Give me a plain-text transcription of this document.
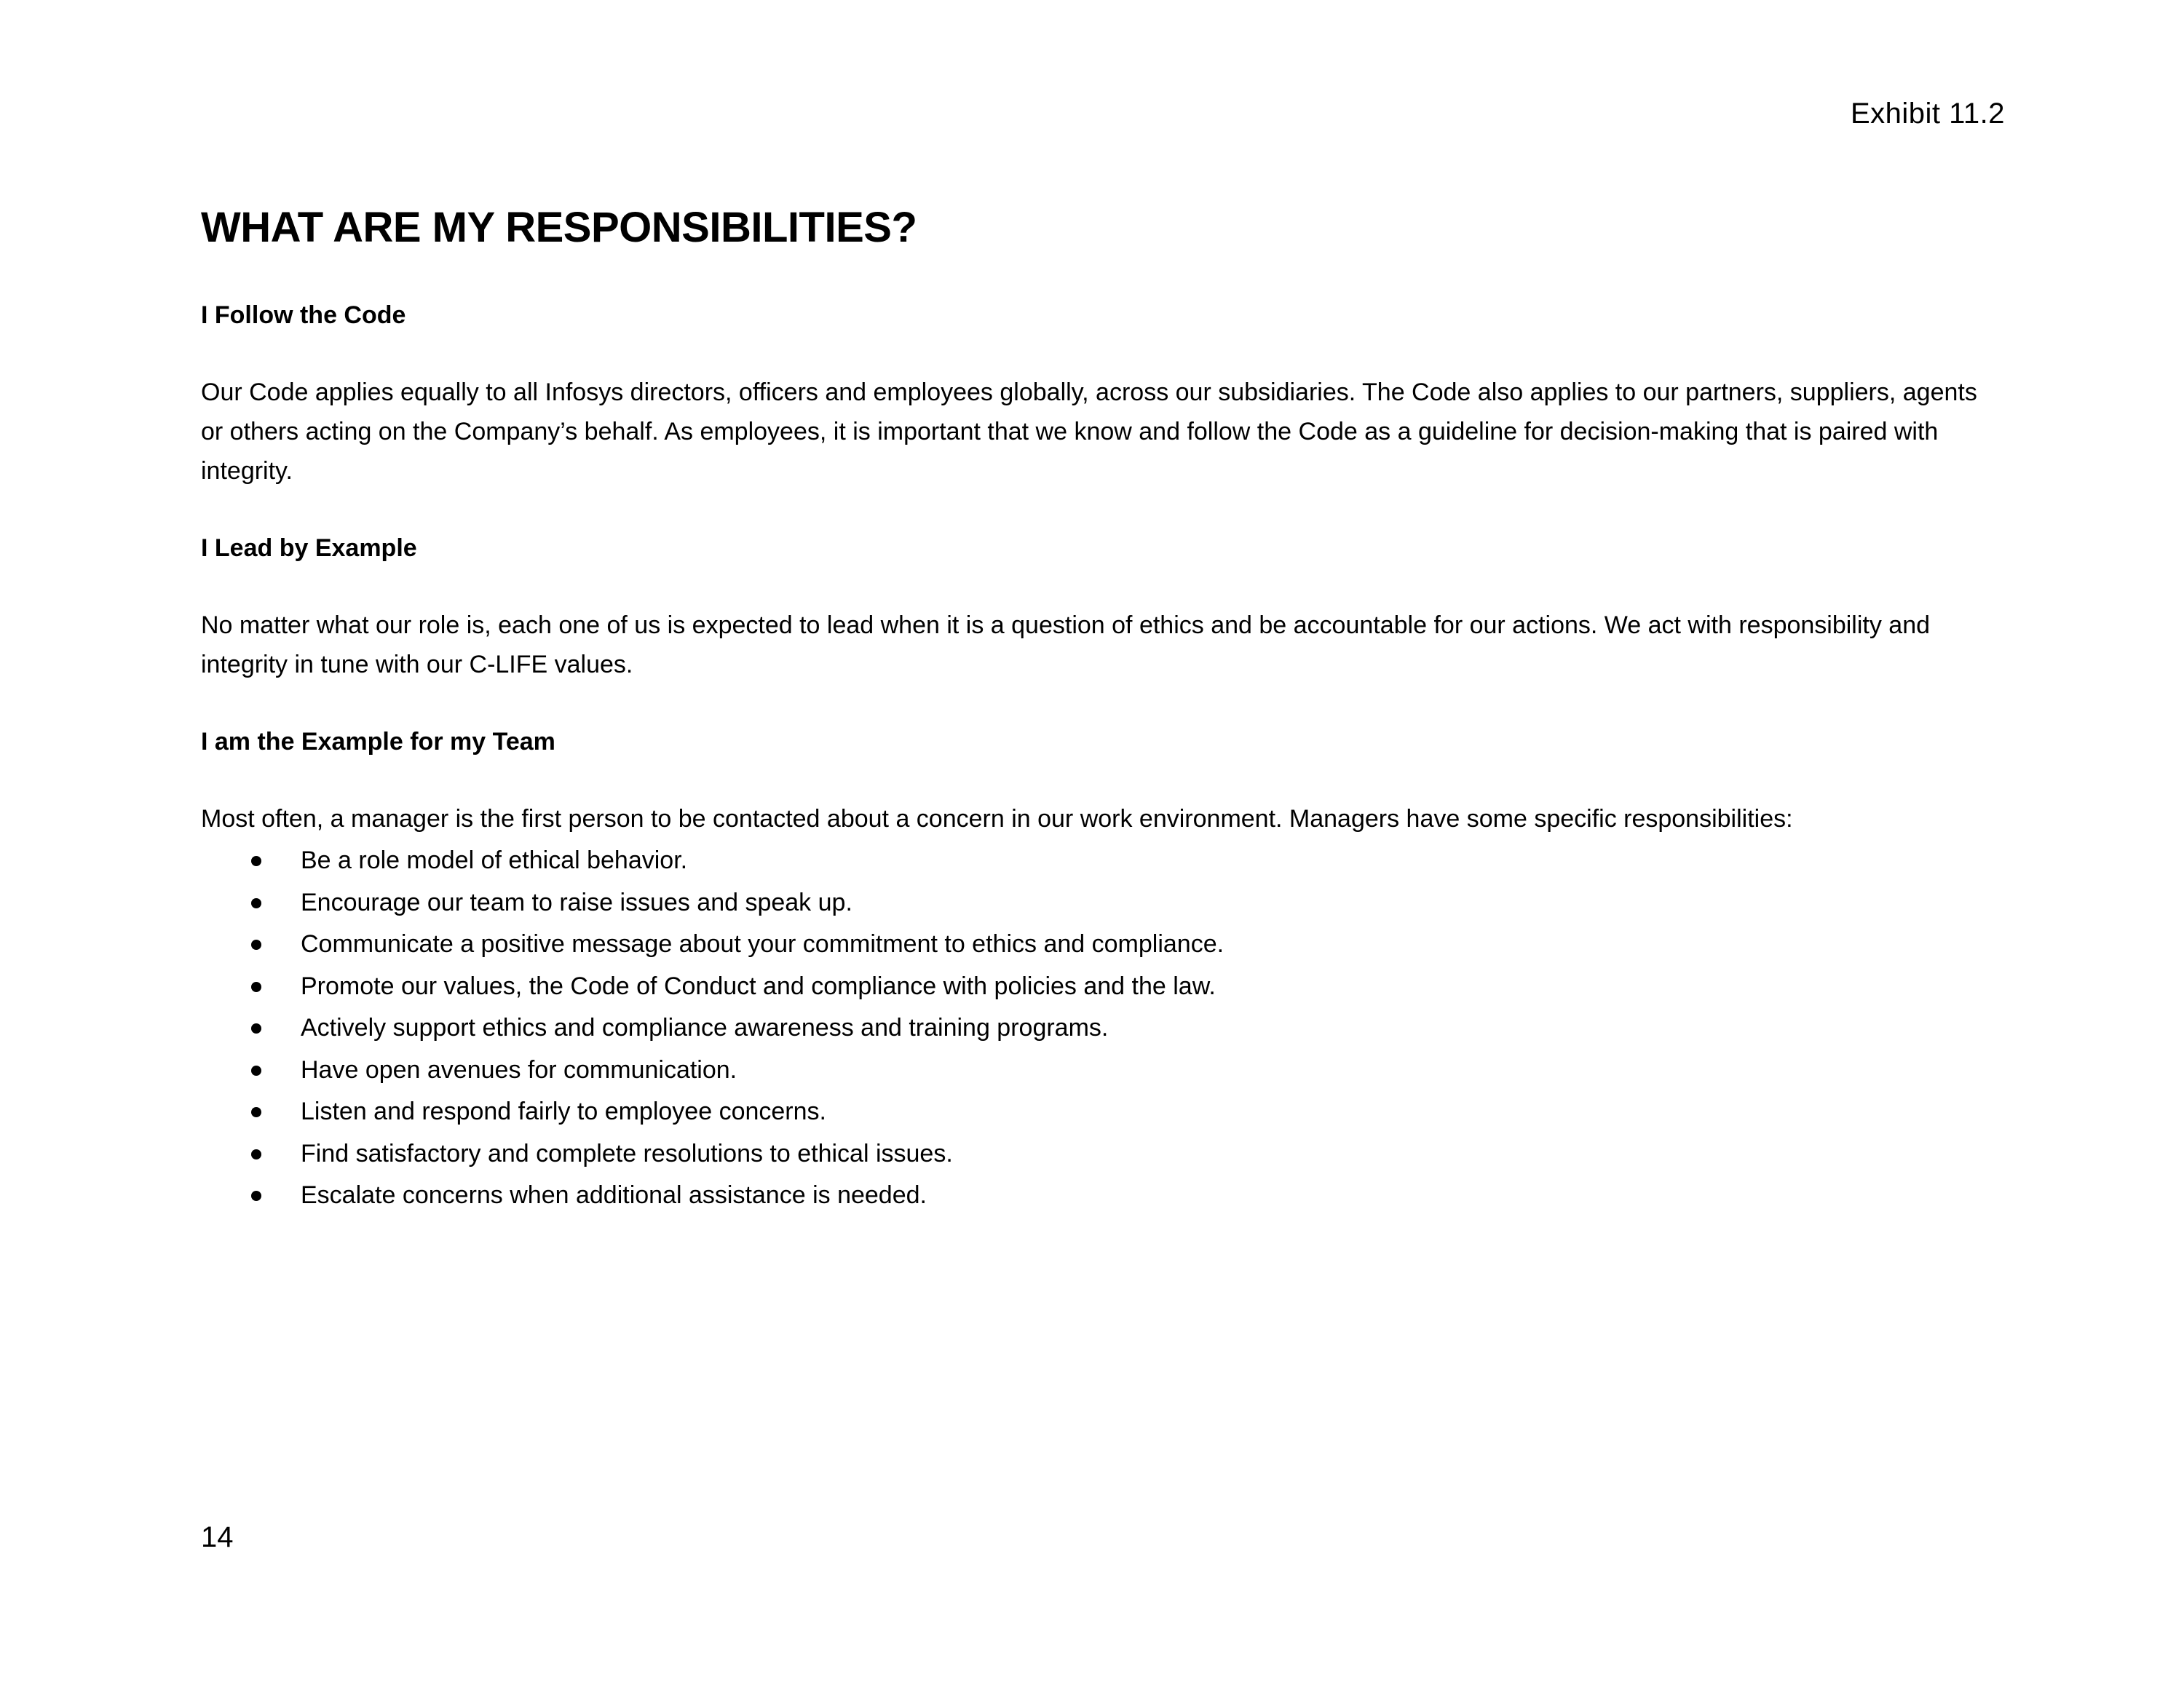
Exhibit 11.2
WHAT ARE MY RESPONSIBILITIES?

I Follow the Code

Our Code applies equally to all Infosys directors, officers and employees globally, across our subsidiaries. The Code also applies to our partners, suppliers, agents or others acting on the Company’s behalf. As employees, it is important that we know and follow the Code as a guideline for decision-making that is paired with integrity.

I Lead by Example

No matter what our role is, each one of us is expected to lead when it is a question of ethics and be accountable for our actions. We act with responsibility and integrity in tune with our C-LIFE values.

I am the Example for my Team

Most often, a manager is the first person to be contacted about a concern in our work environment. Managers have some specific responsibilities:

Be a role model of ethical behavior.
Encourage our team to raise issues and speak up.
Communicate a positive message about your commitment to ethics and compliance.
Promote our values, the Code of Conduct and compliance with policies and the law.
Actively support ethics and compliance awareness and training programs.
Have open avenues for communication.
Listen and respond fairly to employee concerns.
Find satisfactory and complete resolutions to ethical issues.
Escalate concerns when additional assistance is needed.
14
